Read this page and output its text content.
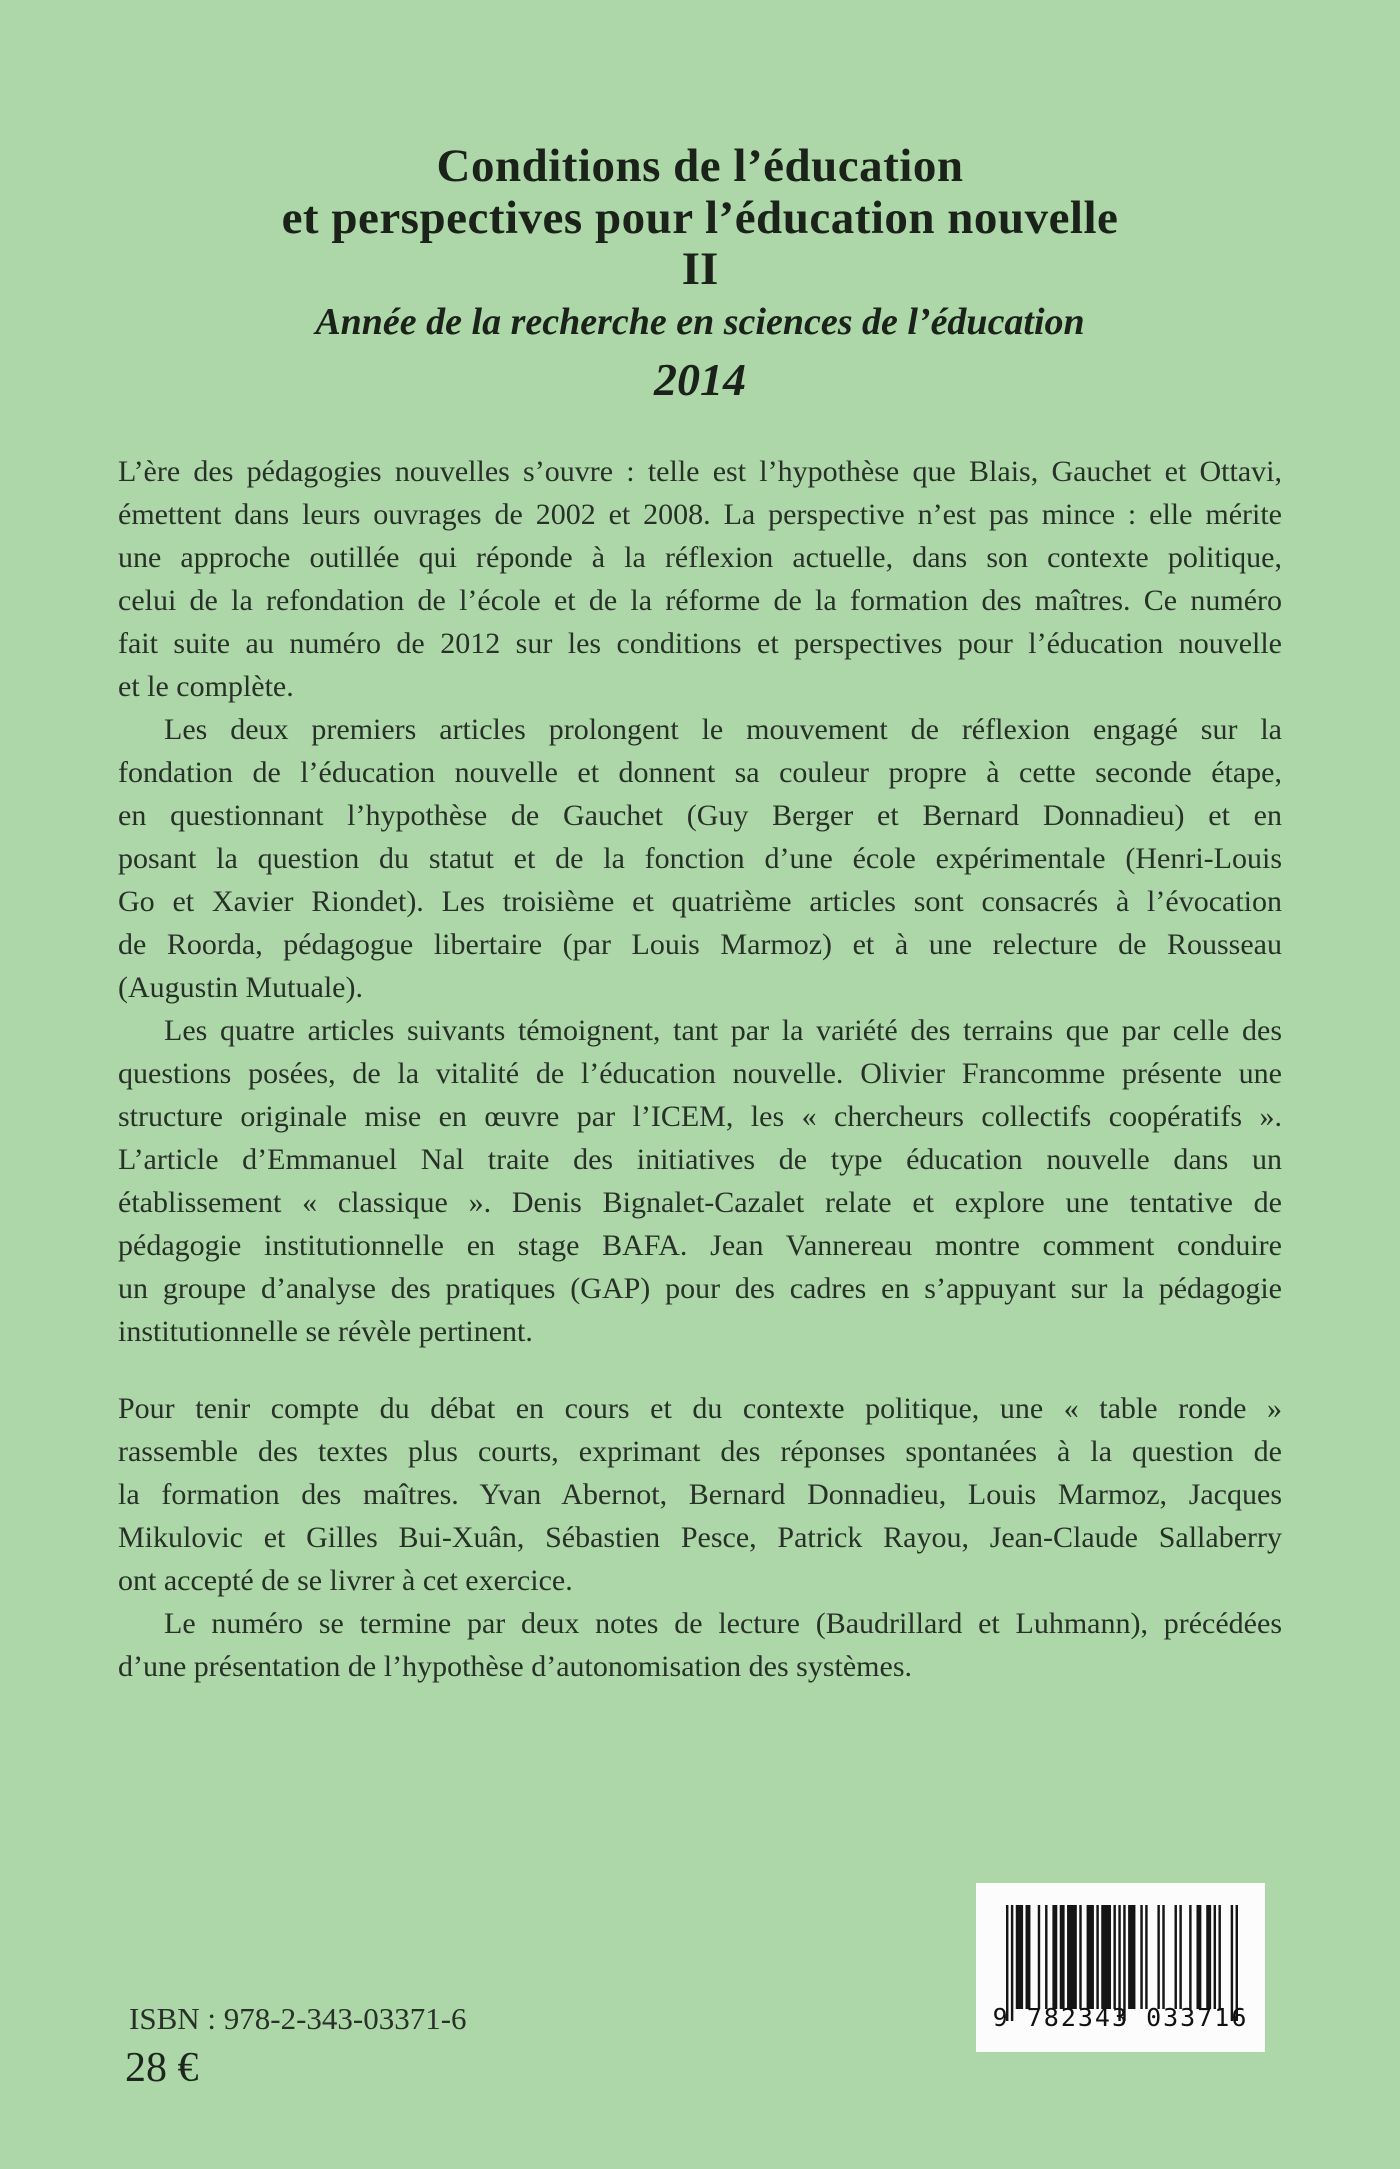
Conditions de l’éducation
et perspectives pour l’éducation nouvelle
II
Année de la recherche en sciences de l’éducation
2014
L’ère des pédagogies nouvelles s’ouvre : telle est l’hypothèse que Blais, Gauchet et Ottavi,
émettent dans leurs ouvrages de 2002 et 2008. La perspective n’est pas mince : elle mérite
une approche outillée qui réponde à la réflexion actuelle, dans son contexte politique,
celui de la refondation de l’école et de la réforme de la formation des maîtres. Ce numéro
fait suite au numéro de 2012 sur les conditions et perspectives pour l’éducation nouvelle
et le complète.
Les deux premiers articles prolongent le mouvement de réflexion engagé sur la
fondation de l’éducation nouvelle et donnent sa couleur propre à cette seconde étape,
en questionnant l’hypothèse de Gauchet (Guy Berger et Bernard Donnadieu) et en
posant la question du statut et de la fonction d’une école expérimentale (Henri-Louis
Go et Xavier Riondet). Les troisième et quatrième articles sont consacrés à l’évocation
de Roorda, pédagogue libertaire (par Louis Marmoz) et à une relecture de Rousseau
(Augustin Mutuale).
Les quatre articles suivants témoignent, tant par la variété des terrains que par celle des
questions posées, de la vitalité de l’éducation nouvelle. Olivier Francomme présente une
structure originale mise en œuvre par l’ICEM, les « chercheurs collectifs coopératifs ».
L’article d’Emmanuel Nal traite des initiatives de type éducation nouvelle dans un
établissement « classique ». Denis Bignalet-Cazalet relate et explore une tentative de
pédagogie institutionnelle en stage BAFA. Jean Vannereau montre comment conduire
un groupe d’analyse des pratiques (GAP) pour des cadres en s’appuyant sur la pédagogie
institutionnelle se révèle pertinent.
Pour tenir compte du débat en cours et du contexte politique, une « table ronde »
rassemble des textes plus courts, exprimant des réponses spontanées à la question de
la formation des maîtres. Yvan Abernot, Bernard Donnadieu, Louis Marmoz, Jacques
Mikulovic et Gilles Bui-Xuân, Sébastien Pesce, Patrick Rayou, Jean-Claude Sallaberry
ont accepté de se livrer à cet exercice.
Le numéro se termine par deux notes de lecture (Baudrillard et Luhmann), précédées
d’une présentation de l’hypothèse d’autonomisation des systèmes.
ISBN : 978-2-343-03371-6
28 €
9 782343 033716
